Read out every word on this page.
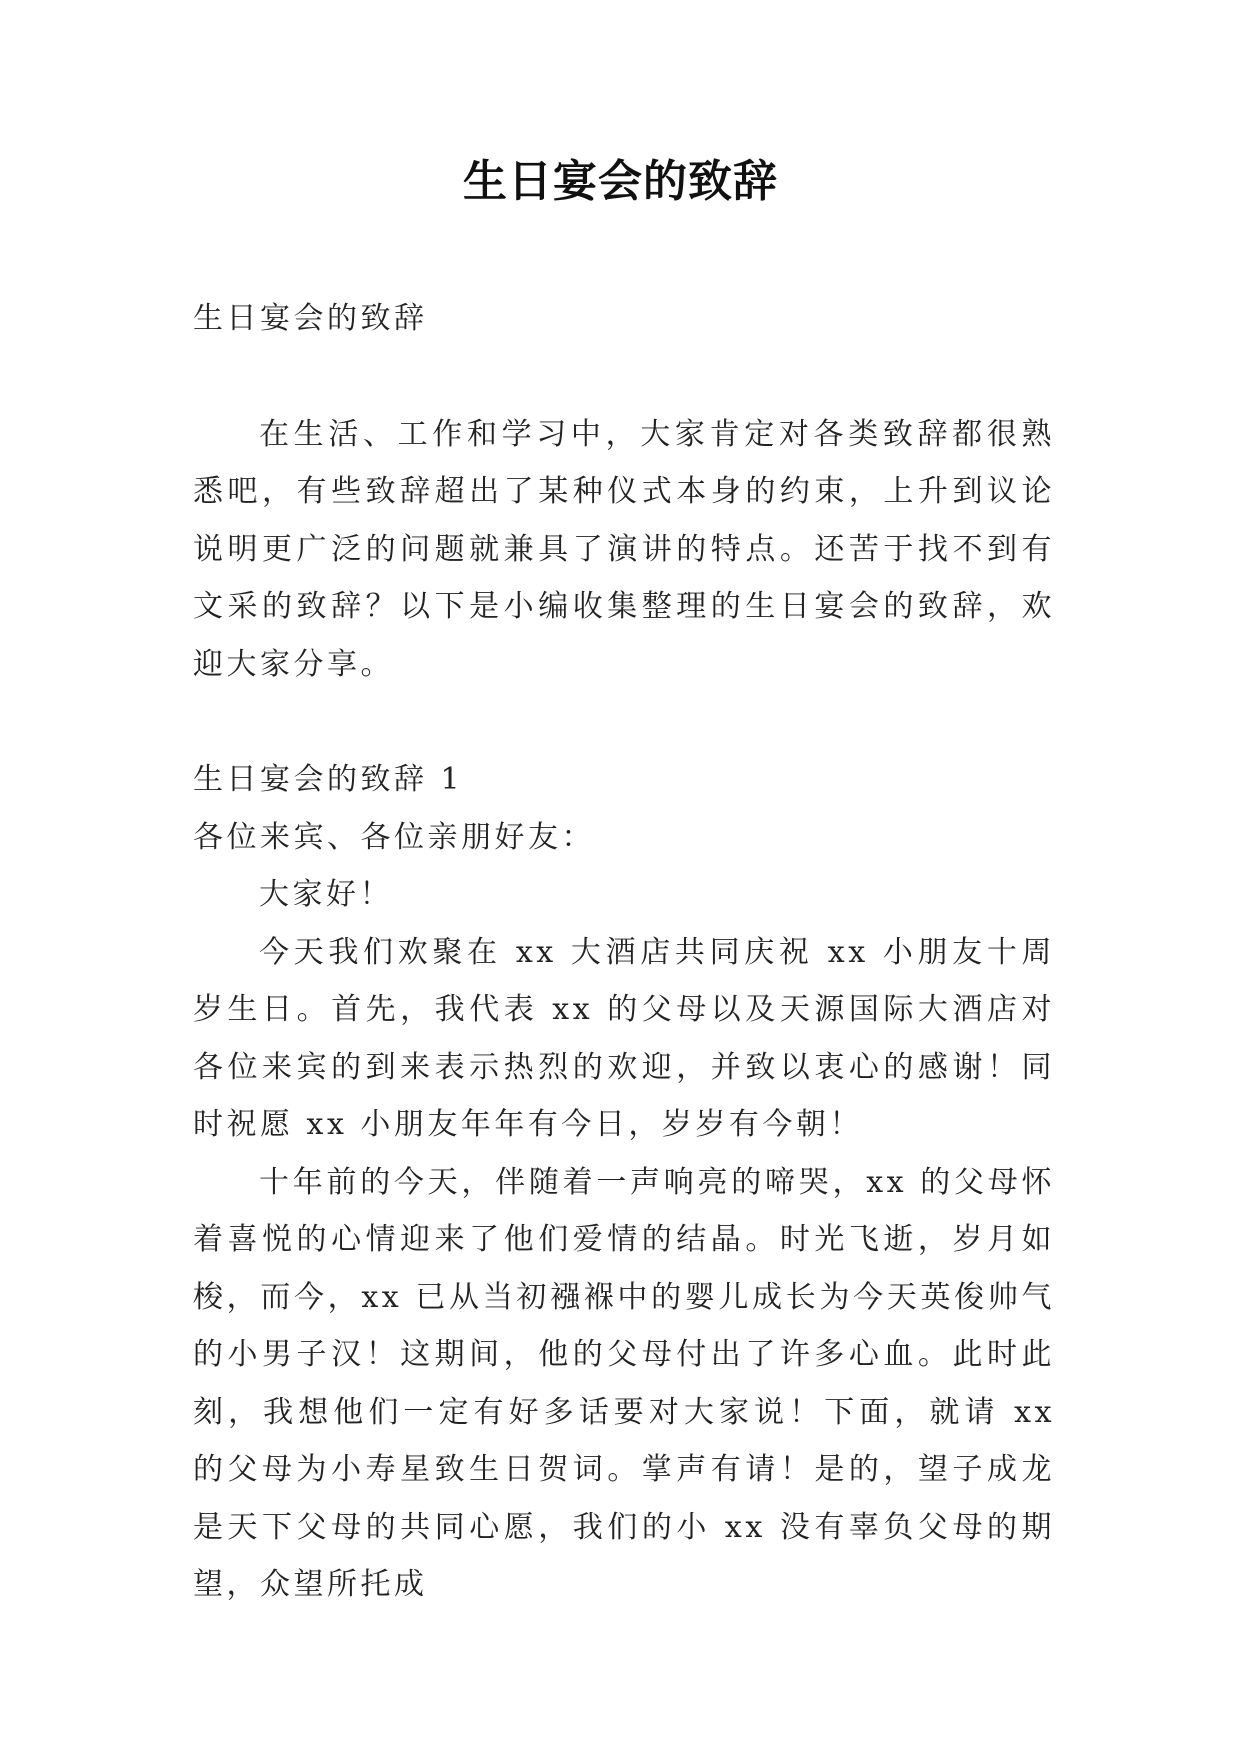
生日宴会的致辞

生日宴会的致辞

在生活、工作和学习中，大家肯定对各类致辞都很熟悉吧，有些致辞超出了某种仪式本身的约束，上升到议论说明更广泛的问题就兼具了演讲的特点。还苦于找不到有文采的致辞？以下是小编收集整理的生日宴会的致辞，欢迎大家分享。

生日宴会的致辞 1

各位来宾、各位亲朋好友：

大家好！

今天我们欢聚在 xx 大酒店共同庆祝 xx 小朋友十周岁生日。首先，我代表 xx 的父母以及天源国际大酒店对各位来宾的到来表示热烈的欢迎，并致以衷心的感谢！同时祝愿 xx 小朋友年年有今日，岁岁有今朝！

十年前的今天，伴随着一声响亮的啼哭，xx 的父母怀着喜悦的心情迎来了他们爱情的结晶。时光飞逝，岁月如梭，而今，xx 已从当初襁褓中的婴儿成长为今天英俊帅气的小男子汉！这期间，他的父母付出了许多心血。此时此刻，我想他们一定有好多话要对大家说！下面，就请 xx 的父母为小寿星致生日贺词。掌声有请！是的，望子成龙是天下父母的共同心愿，我们的小 xx 没有辜负父母的期望，众望所托成
